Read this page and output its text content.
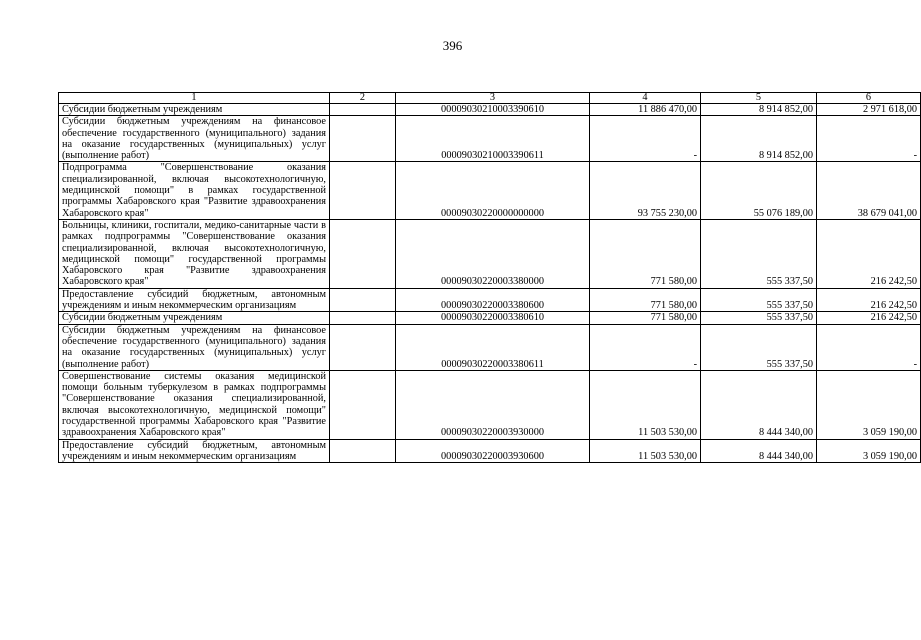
396
1	2	3	4	5	6
Субсидии бюджетным учреждениям		00009030210003390610	11 886 470,00	8 914 852,00	2 971 618,00
Субсидии бюджетным учреждениям на финансовое обеспечение государственного (муниципального) задания на оказание государственных (муниципальных) услуг (выполнение работ)		00009030210003390611	-	8 914 852,00	-
Подпрограмма "Совершенствование оказания специализированной, включая высокотехнологичную, медицинской помощи" в рамках государственной программы Хабаровского края "Развитие здравоохранения Хабаровского края"		00009030220000000000	93 755 230,00	55 076 189,00	38 679 041,00
Больницы, клиники, госпитали, медико-санитарные части в рамках подпрограммы "Совершенствование оказания специализированной, включая высокотехнологичную, медицинской помощи" государственной программы Хабаровского края "Развитие здравоохранения Хабаровского края"		00009030220003380000	771 580,00	555 337,50	216 242,50
Предоставление субсидий бюджетным, автономным учреждениям и иным некоммерческим организациям		00009030220003380600	771 580,00	555 337,50	216 242,50
Субсидии бюджетным учреждениям		00009030220003380610	771 580,00	555 337,50	216 242,50
Субсидии бюджетным учреждениям на финансовое обеспечение государственного (муниципального) задания на оказание государственных (муниципальных) услуг (выполнение работ)		00009030220003380611	-	555 337,50	-
Совершенствование системы оказания медицинской помощи больным туберкулезом в рамках подпрограммы "Совершенствование оказания специализированной, включая высокотехнологичную, медицинской помощи" государственной программы Хабаровского края "Развитие здравоохранения Хабаровского края"		00009030220003930000	11 503 530,00	8 444 340,00	3 059 190,00
Предоставление субсидий бюджетным, автономным учреждениям и иным некоммерческим организациям		00009030220003930600	11 503 530,00	8 444 340,00	3 059 190,00
